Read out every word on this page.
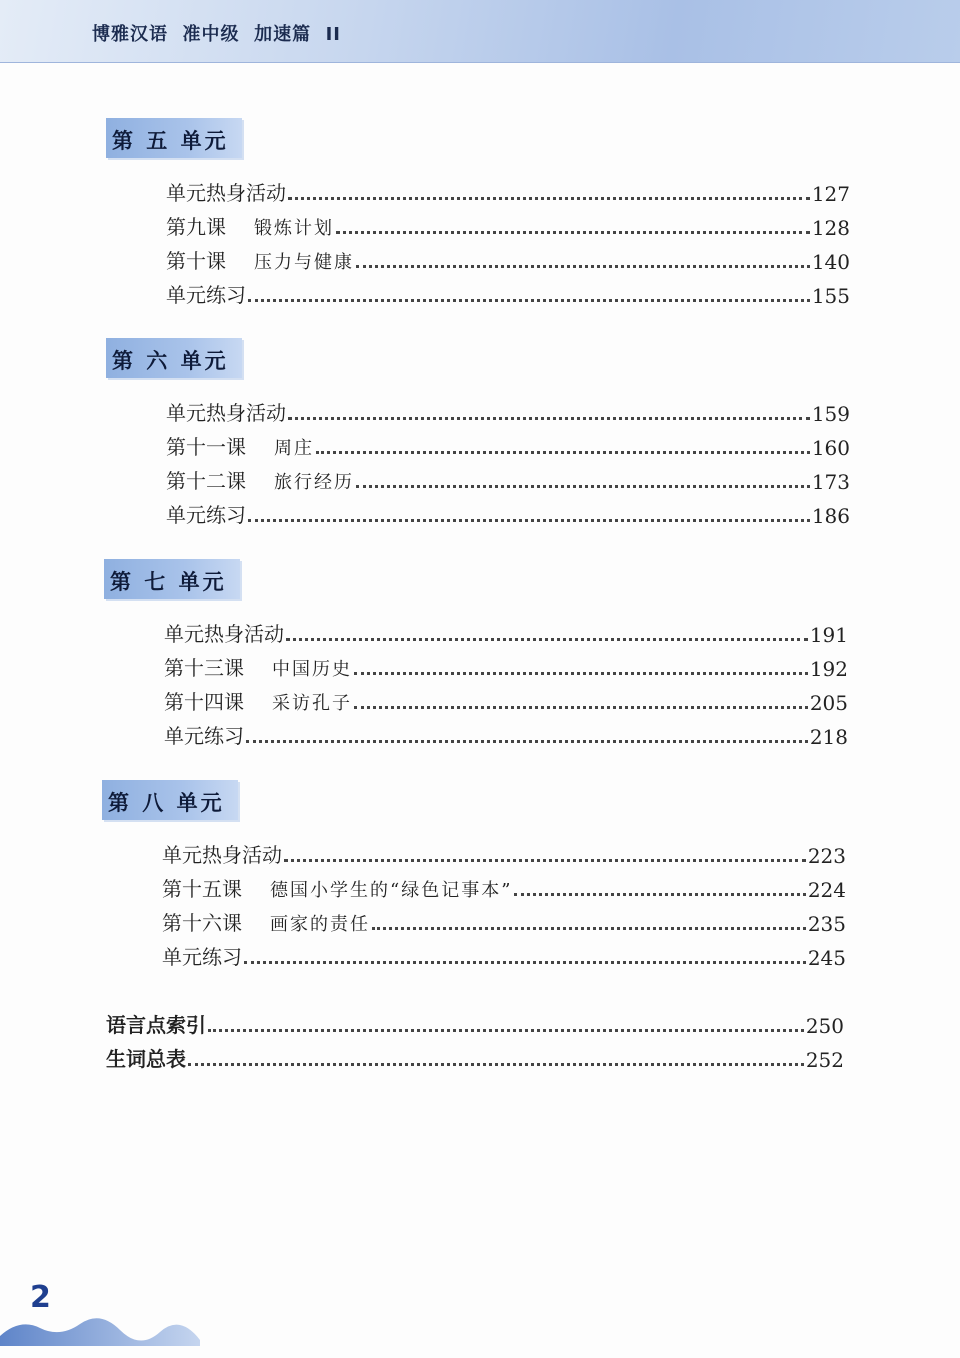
博雅汉语  准中级  加速篇  II
第 五 单元
单元热身活动	127
第九课 锻炼计划	128
第十课 压力与健康	140
单元练习	155
第 六 单元
单元热身活动	159
第十一课 周庄	160
第十二课 旅行经历	173
单元练习	186
第 七 单元
单元热身活动	191
第十三课 中国历史	192
第十四课 采访孔子	205
单元练习	218
第 八 单元
单元热身活动	223
第十五课 德国小学生的“绿色记事本”	224
第十六课 画家的责任	235
单元练习	245
语言点索引	250
生词总表	252
2
